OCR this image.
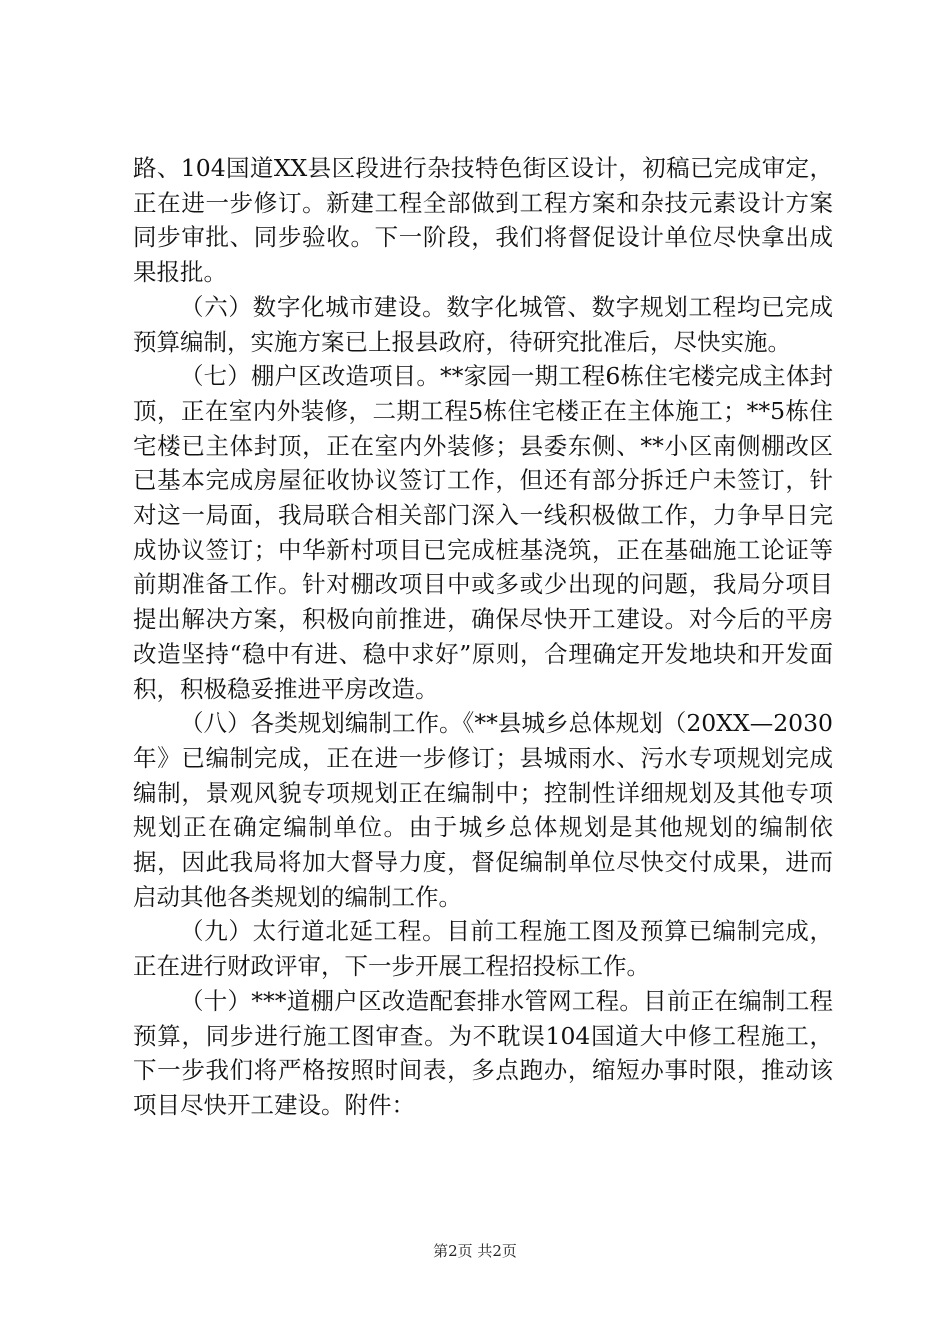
路、104国道XX县区段进行杂技特色街区设计，初稿已完成审定，正在进一步修订。新建工程全部做到工程方案和杂技元素设计方案同步审批、同步验收。下一阶段，我们将督促设计单位尽快拿出成果报批。

（六）数字化城市建设。数字化城管、数字规划工程均已完成预算编制，实施方案已上报县政府，待研究批准后，尽快实施。

（七）棚户区改造项目。**家园一期工程6栋住宅楼完成主体封顶，正在室内外装修，二期工程5栋住宅楼正在主体施工；**5栋住宅楼已主体封顶，正在室内外装修；县委东侧、**小区南侧棚改区已基本完成房屋征收协议签订工作，但还有部分拆迁户未签订，针对这一局面，我局联合相关部门深入一线积极做工作，力争早日完成协议签订；中华新村项目已完成桩基浇筑，正在基础施工论证等前期准备工作。针对棚改项目中或多或少出现的问题，我局分项目提出解决方案，积极向前推进，确保尽快开工建设。对今后的平房改造坚持“稳中有进、稳中求好”原则，合理确定开发地块和开发面积，积极稳妥推进平房改造。

（八）各类规划编制工作。《**县城乡总体规划（20XX—2030年》已编制完成，正在进一步修订；县城雨水、污水专项规划完成编制，景观风貌专项规划正在编制中；控制性详细规划及其他专项规划正在确定编制单位。由于城乡总体规划是其他规划的编制依据，因此我局将加大督导力度，督促编制单位尽快交付成果，进而启动其他各类规划的编制工作。

（九）太行道北延工程。目前工程施工图及预算已编制完成，正在进行财政评审，下一步开展工程招投标工作。

（十）***道棚户区改造配套排水管网工程。目前正在编制工程预算，同步进行施工图审查。为不耽误104国道大中修工程施工，下一步我们将严格按照时间表，多点跑办，缩短办事时限，推动该项目尽快开工建设。附件：

第2页 共2页
